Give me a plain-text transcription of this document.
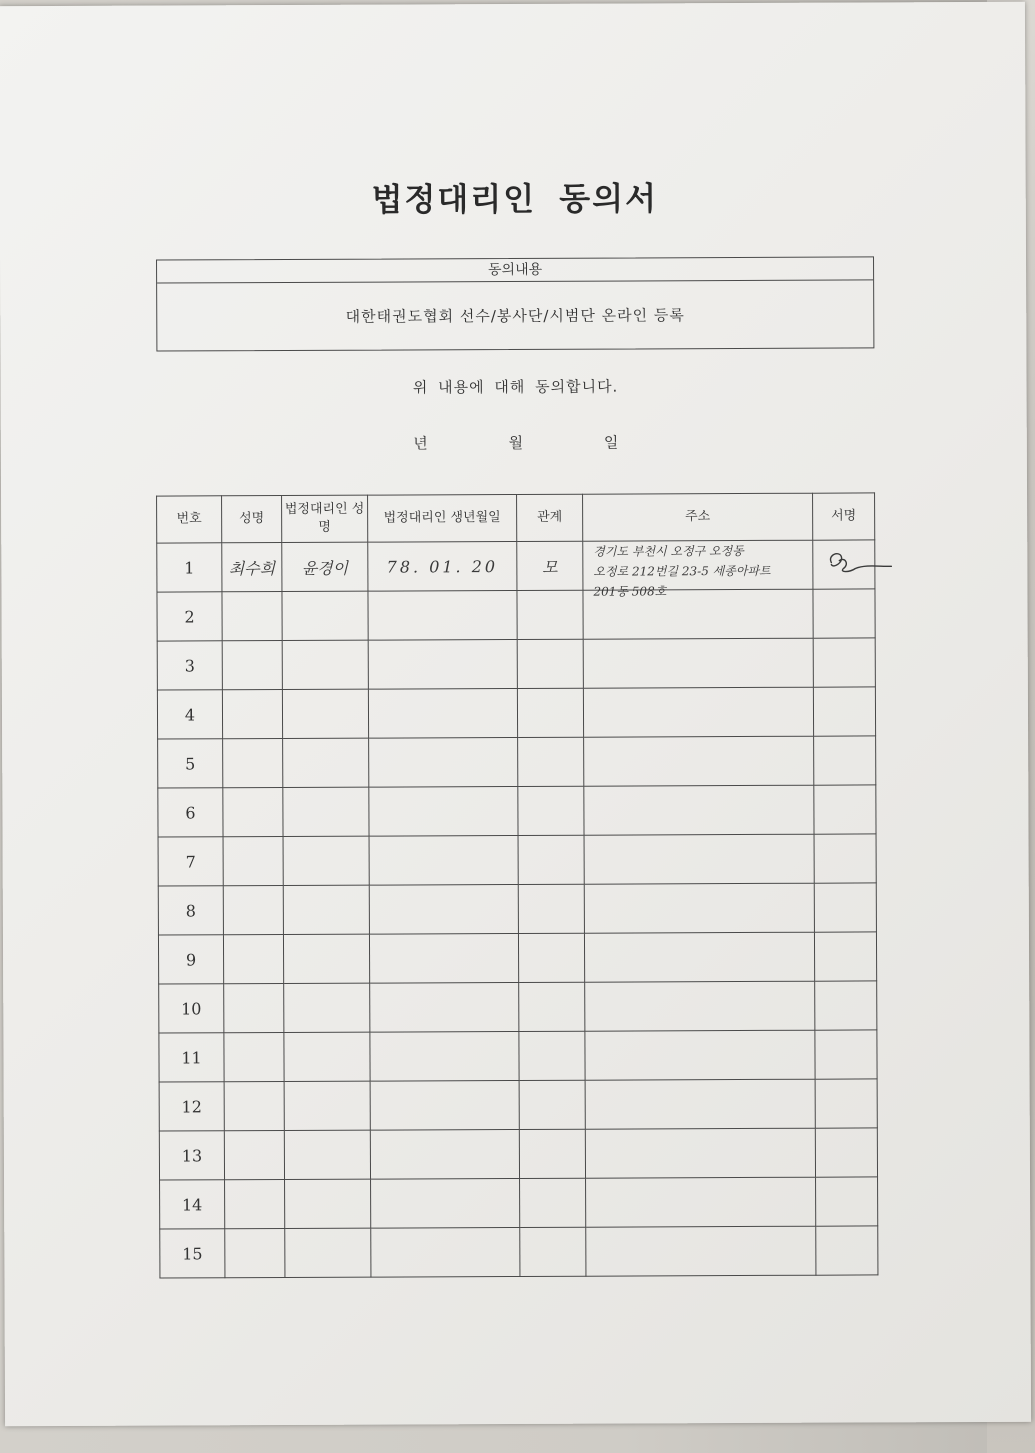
법정대리인 동의서
동의내용
대한태권도협회 선수/봉사단/시범단 온라인 등록
위 내용에 대해 동의합니다.
년	월	일
번호	성명	법정대리인 성명	법정대리인 생년월일	관계	주소	서명
1	최수희	윤경이	78. 01. 20	모	경기도 부천시 오정구 오정동
오정로 212번길 23-5 세종아파트
201동 508호

2						
3						
4						
5						
6						
7						
8						
9						
10						
11						
12						
13						
14						
15						
